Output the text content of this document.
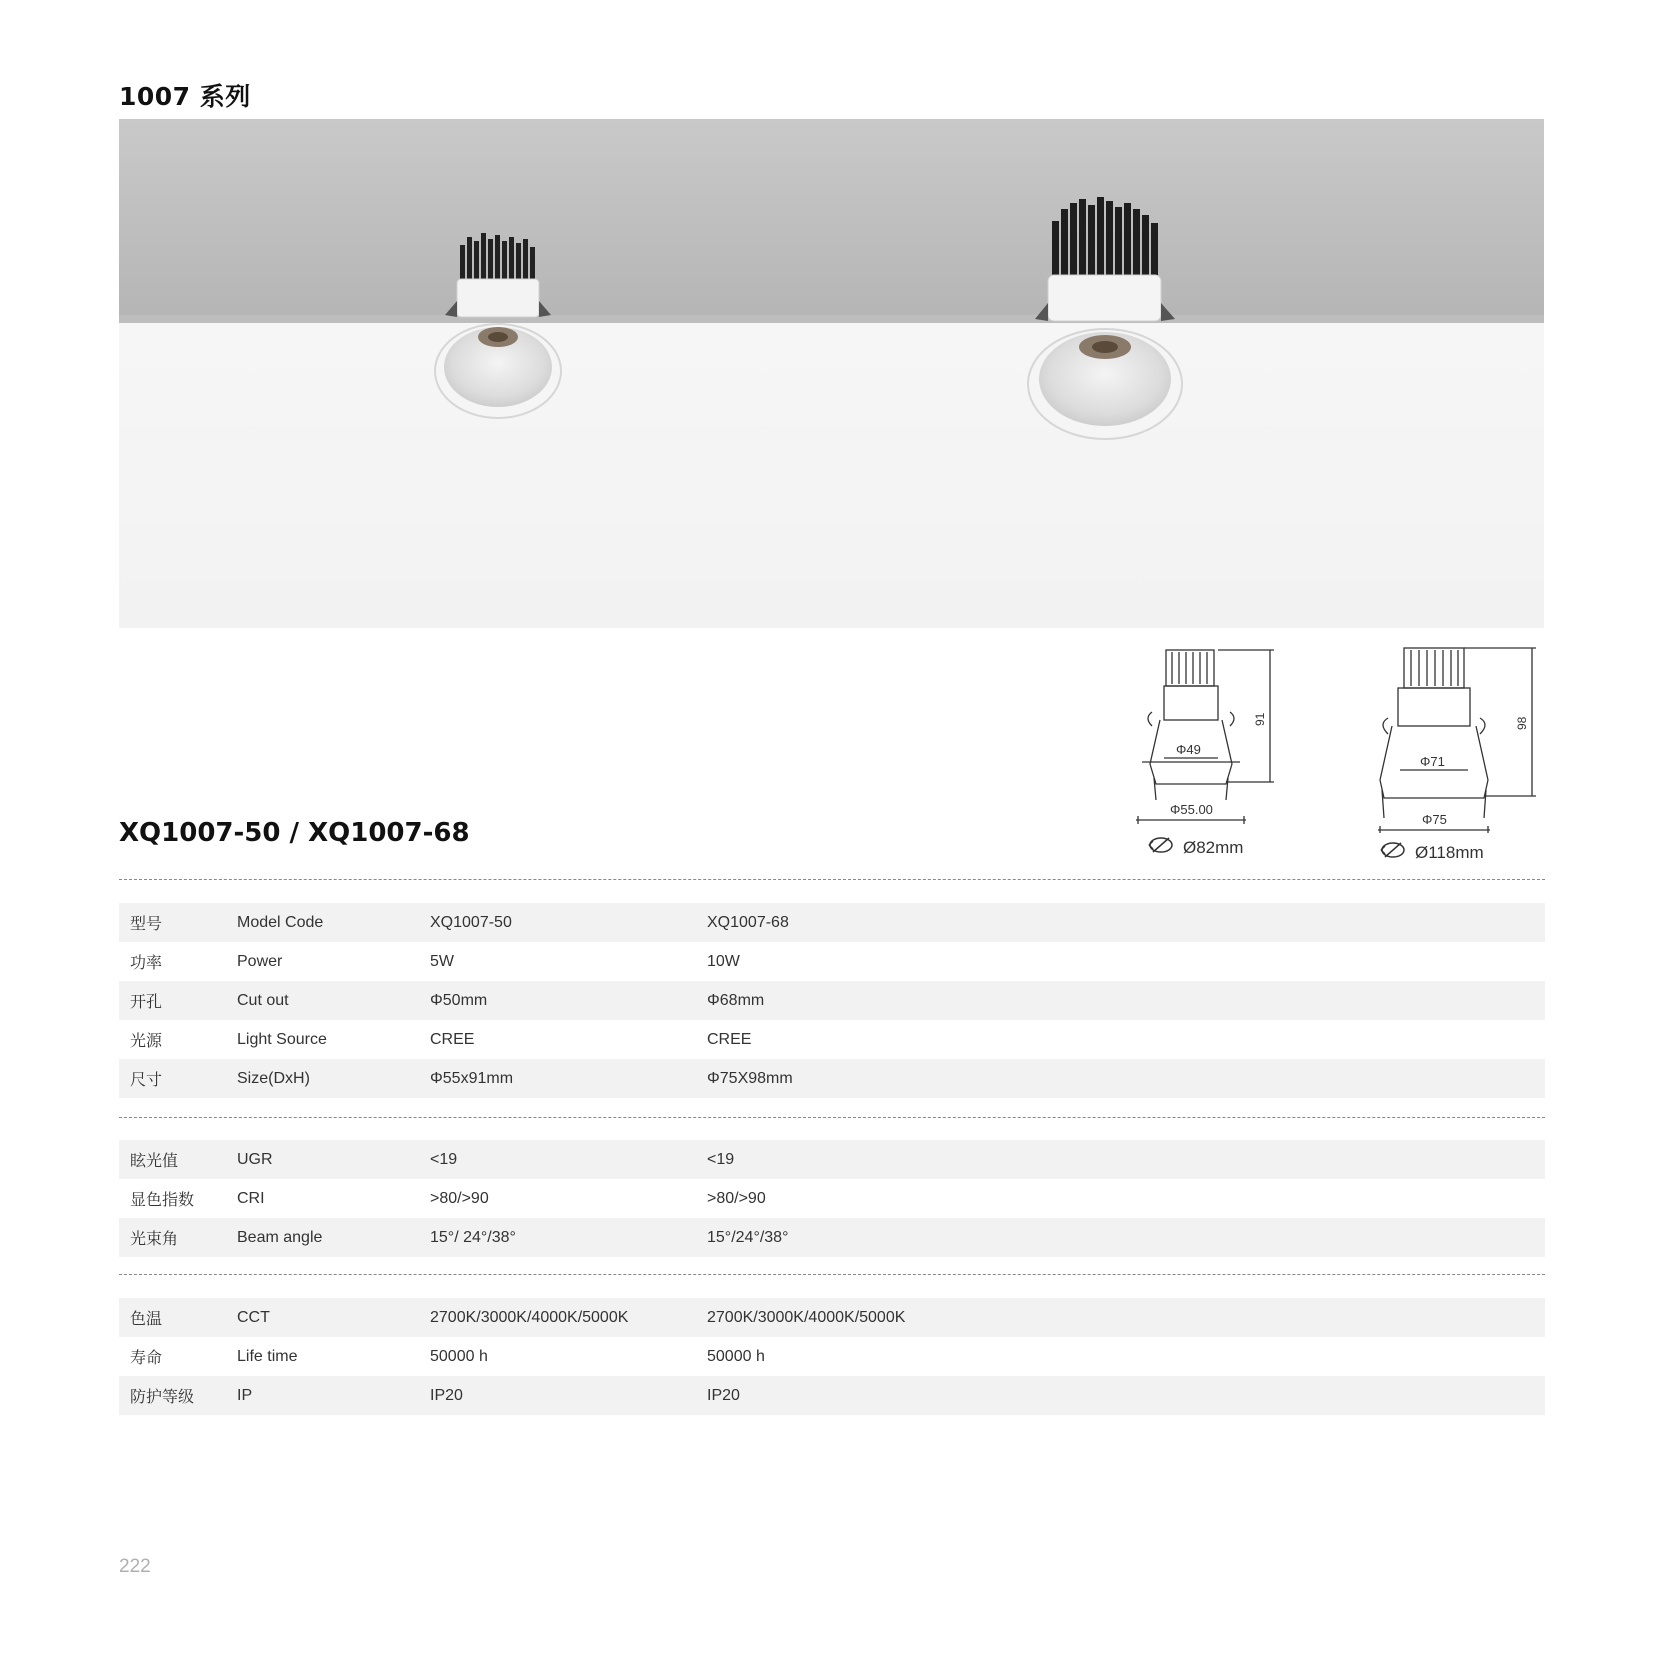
1007 系列
XQ1007-50 / XQ1007-68
91
Φ49
Φ55.00
Ø82mm
98
Φ71
Φ75
Ø118mm
型号	Model Code	XQ1007-50	XQ1007-68
功率	Power	5W	10W
开孔	Cut out	Φ50mm	Φ68mm
光源	Light Source	CREE	CREE
尺寸	Size(DxH)	Φ55x91mm	Φ75X98mm
眩光值	UGR	<19	<19
显色指数	CRI	>80/>90	>80/>90
光束角	Beam angle	15°/ 24°/38°	15°/24°/38°
色温	CCT	2700K/3000K/4000K/5000K	2700K/3000K/4000K/5000K
寿命	Life time	50000 h	50000 h
防护等级	IP	IP20	IP20
222
